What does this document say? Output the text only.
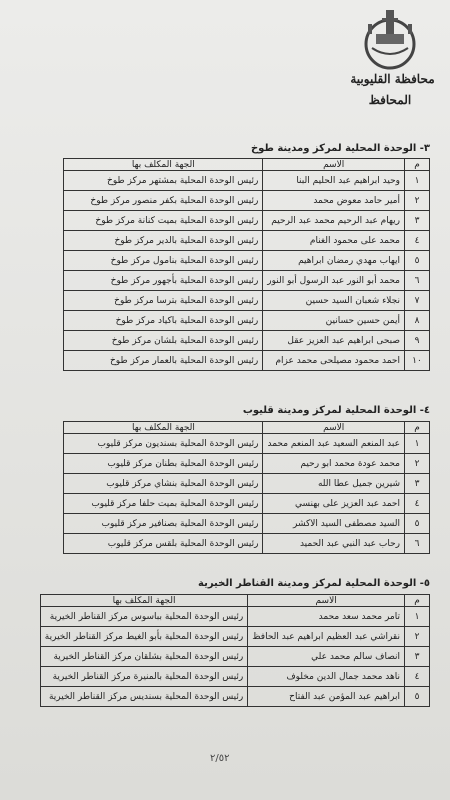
محافظة القليوبية
المحافظ
٣- الوحدة المحلية لمركز ومدينة طوخ
م	الاسم	الجهة المكلف بها
١	وحيد ابراهيم عبد الحليم البنا	رئيس الوحدة المحلية بمشتهر مركز طوخ
٢	أمير حامد معوض محمد	رئيس الوحدة المحلية بكفر منصور مركز طوخ
٣	ريهام عبد الرحيم محمد عبد الرحيم	رئيس الوحدة المحلية بميت كنانة مركز طوخ
٤	محمد على محمود الغنام	رئيس الوحدة المحلية بالدير مركز طوخ
٥	ايهاب مهدي رمضان ابراهيم	رئيس الوحدة المحلية بنامول مركز طوخ
٦	محمد أبو النور عبد الرسول أبو النور	رئيس الوحدة المحلية بأجهور مركز طوخ
٧	نجلاء شعبان السيد حسين	رئيس الوحدة المحلية بترسا مركز طوخ
٨	أيمن حسين حسانين	رئيس الوحدة المحلية باكياد مركز طوخ
٩	صبحى ابراهيم عبد العزيز عقل	رئيس الوحدة المحلية بلشان مركز طوخ
١٠	احمد محمود مصيلحى محمد عزام	رئيس الوحدة المحلية بالعمار مركز طوخ
٤- الوحدة المحلية لمركز ومدينة قليوب
م	الاسم	الجهة المكلف بها
١	عبد المنعم السعيد عبد المنعم محمد	رئيس الوحدة المحلية بسنديون مركز قليوب
٢	محمد عودة محمد ابو رحيم	رئيس الوحدة المحلية بطنان مركز قليوب
٣	شيرين جميل عطا الله	رئيس الوحدة المحلية بنشاي مركز قليوب
٤	احمد عبد العزيز على بهنسي	رئيس الوحدة المحلية بميت حلفا مركز قليوب
٥	السيد مصطفى السيد الاكشر	رئيس الوحدة المحلية بصنافير مركز قليوب
٦	رحاب عبد النبي عبد الحميد	رئيس الوحدة المحلية بلقس مركز قليوب
٥- الوحدة المحلية لمركز ومدينة القناطر الخيرية
م	الاسم	الجهة المكلف بها
١	تامر محمد سعد محمد	رئيس الوحدة المحلية بباسوس مركز القناطر الخيرية
٢	نقراشي عبد العظيم ابراهيم عبد الحافظ	رئيس الوحدة المحلية بأبو الغيط مركز القناطر الخيرية
٣	انصاف سالم محمد علي	رئيس الوحدة المحلية بشلقان مركز القناطر الخيرية
٤	ناهد محمد جمال الدين مخلوف	رئيس الوحدة المحلية بالمنيرة مركز القناطر الخيرية
٥	ابراهيم عبد المؤمن عبد الفتاح	رئيس الوحدة المحلية بسنديس مركز القناطر الخيرية
٢/٥٢
